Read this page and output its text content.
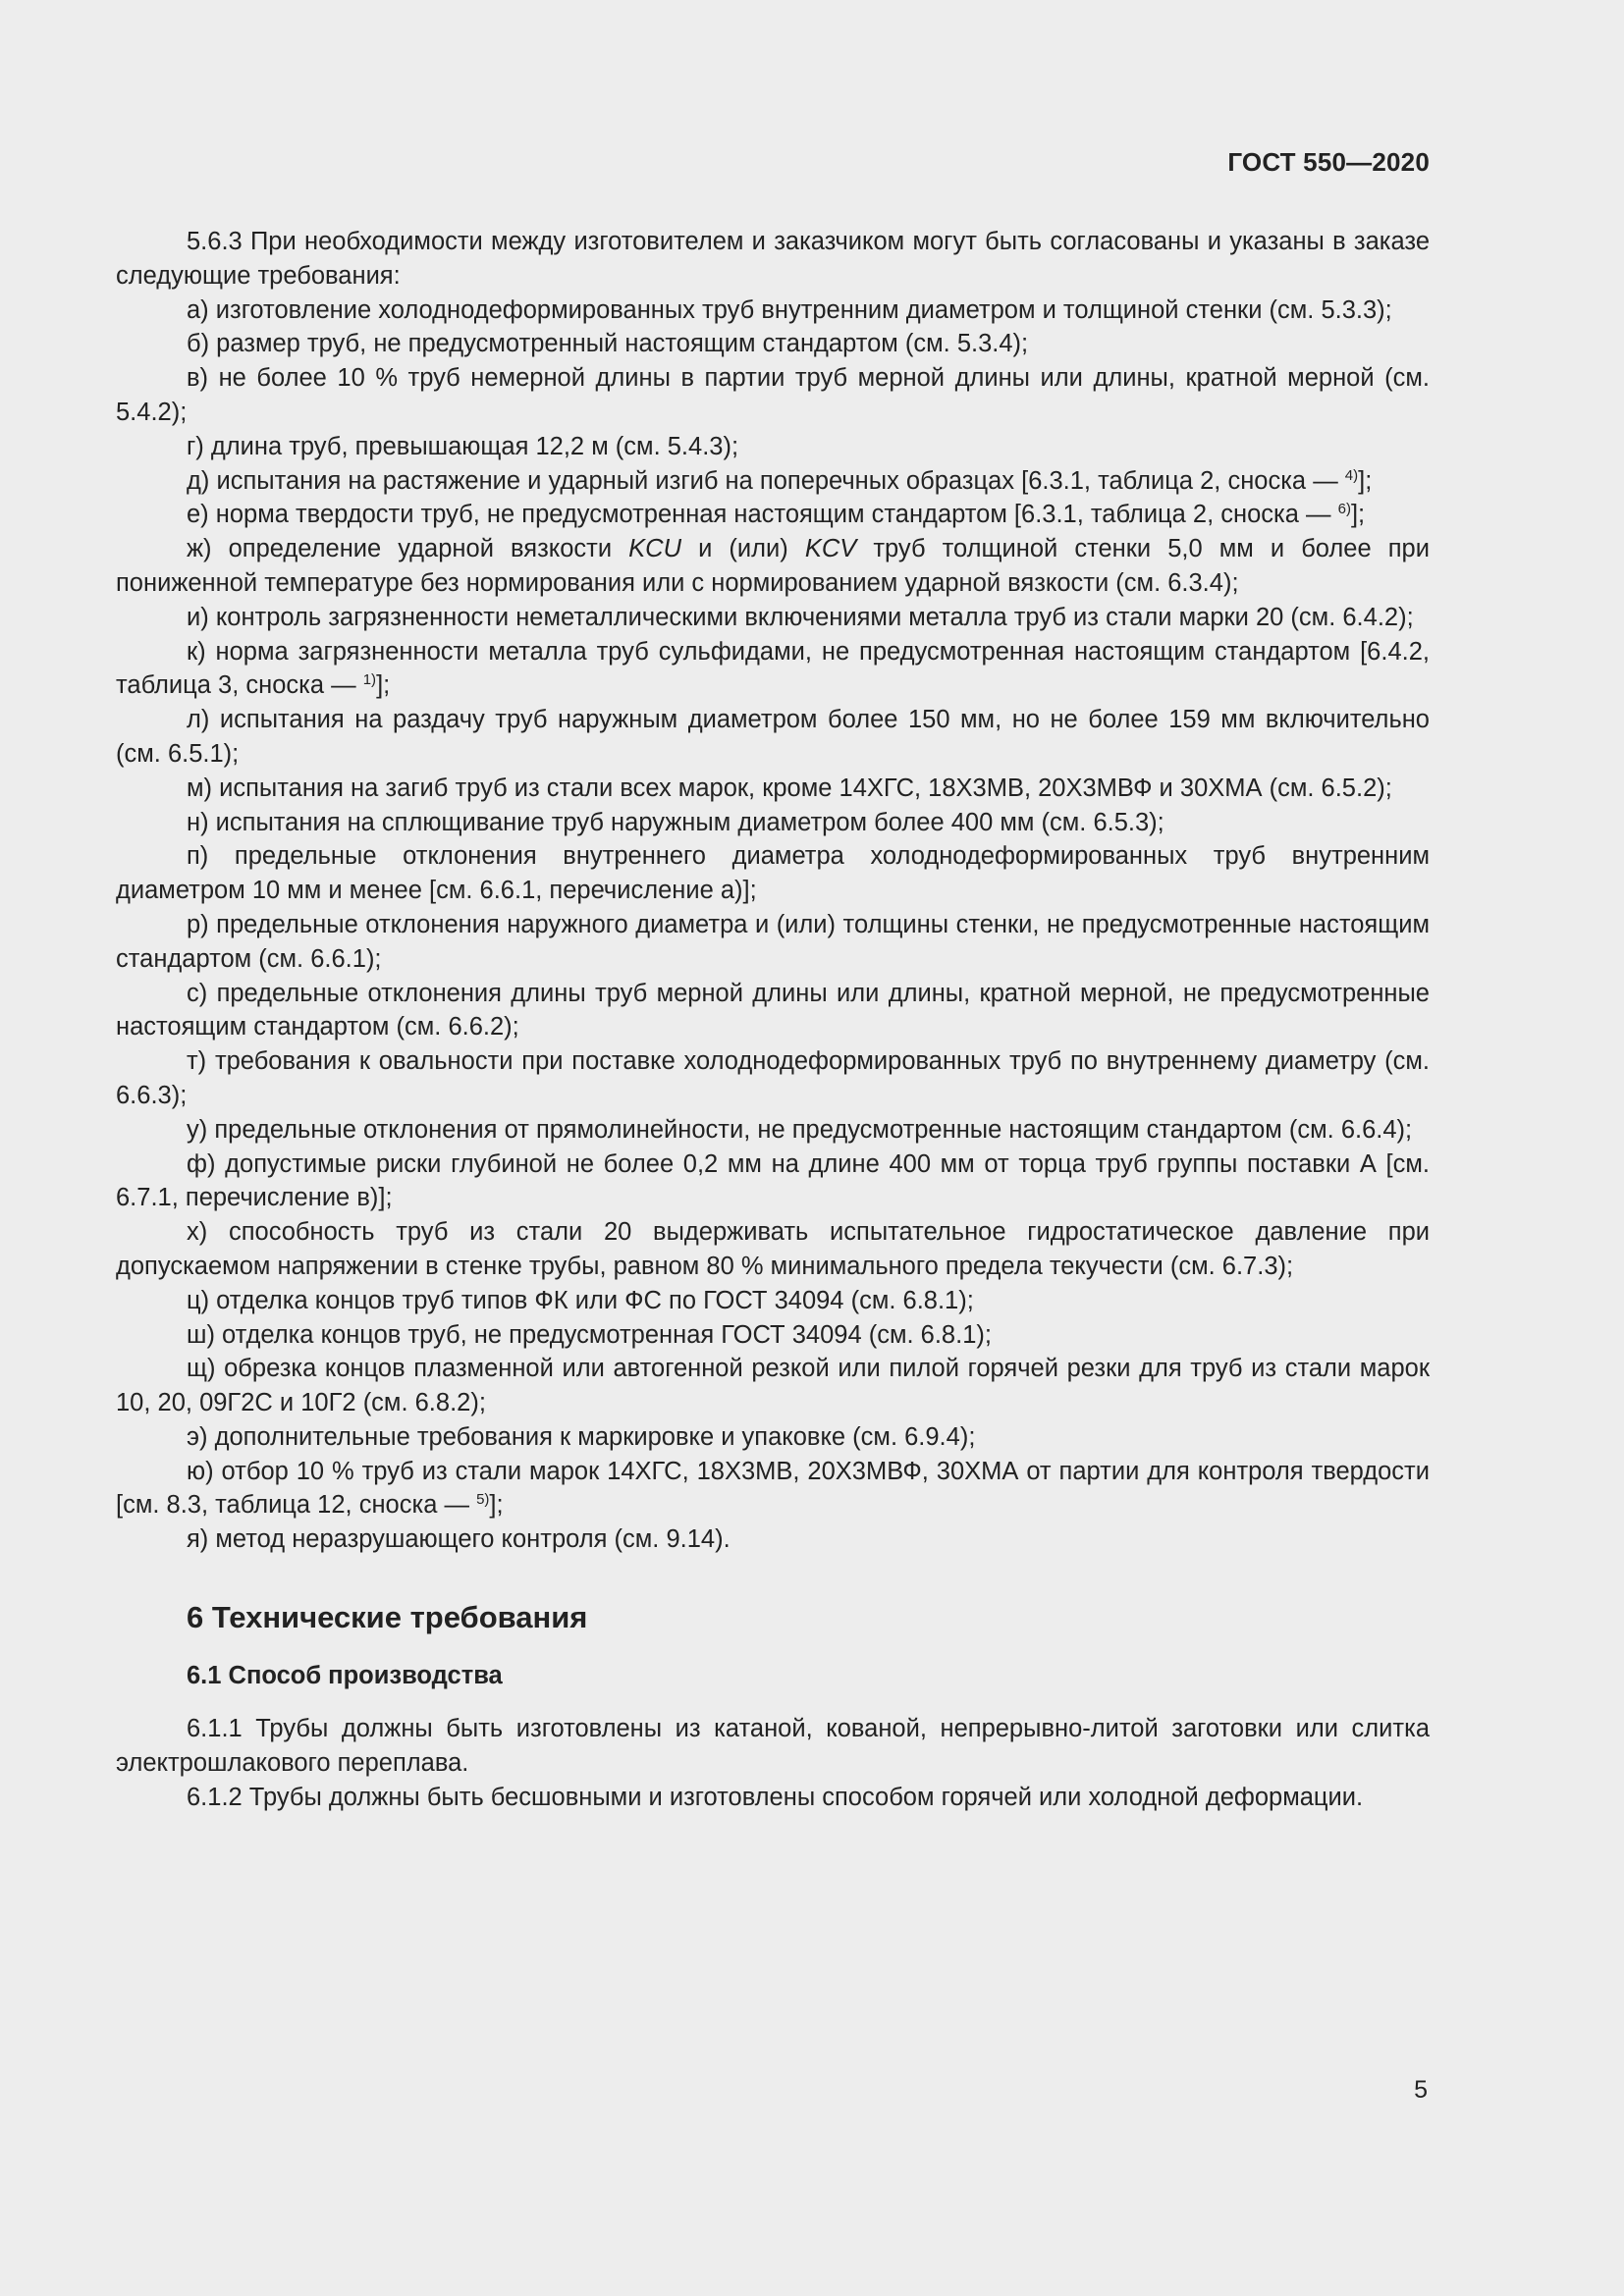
ГОСТ 550—2020

5.6.3 При необходимости между изготовителем и заказчиком могут быть согласованы и указаны в заказе следующие требования:

а) изготовление холоднодеформированных труб внутренним диаметром и толщиной стенки (см. 5.3.3);

б) размер труб, не предусмотренный настоящим стандартом (см. 5.3.4);

в) не более 10 % труб немерной длины в партии труб мерной длины или длины, кратной мерной (см. 5.4.2);

г) длина труб, превышающая 12,2 м (см. 5.4.3);

д) испытания на растяжение и ударный изгиб на поперечных образцах [6.3.1, таблица 2, сноска — $^{4)}$];

е) норма твердости труб, не предусмотренная настоящим стандартом [6.3.1, таблица 2, сноска — $^{6)}$];

ж) определение ударной вязкости KCU и (или) KCV труб толщиной стенки 5,0 мм и более при пониженной температуре без нормирования или с нормированием ударной вязкости (см. 6.3.4);

и) контроль загрязненности неметаллическими включениями металла труб из стали марки 20 (см. 6.4.2);

к) норма загрязненности металла труб сульфидами, не предусмотренная настоящим стандартом [6.4.2, таблица 3, сноска — $^{1)}$];

л) испытания на раздачу труб наружным диаметром более 150 мм, но не более 159 мм включительно (см. 6.5.1);

м) испытания на загиб труб из стали всех марок, кроме 14ХГС, 18Х3МВ, 20Х3МВФ и 30ХМА (см. 6.5.2);

н) испытания на сплющивание труб наружным диаметром более 400 мм (см. 6.5.3);

п) предельные отклонения внутреннего диаметра холоднодеформированных труб внутренним диаметром 10 мм и менее [см. 6.6.1, перечисление а)];

р) предельные отклонения наружного диаметра и (или) толщины стенки, не предусмотренные настоящим стандартом (см. 6.6.1);

с) предельные отклонения длины труб мерной длины или длины, кратной мерной, не предусмотренные настоящим стандартом (см. 6.6.2);

т) требования к овальности при поставке холоднодеформированных труб по внутреннему диаметру (см. 6.6.3);

у) предельные отклонения от прямолинейности, не предусмотренные настоящим стандартом (см. 6.6.4);

ф) допустимые риски глубиной не более 0,2 мм на длине 400 мм от торца труб группы поставки А [см. 6.7.1, перечисление в)];

х) способность труб из стали 20 выдерживать испытательное гидростатическое давление при допускаемом напряжении в стенке трубы, равном 80 % минимального предела текучести (см. 6.7.3);

ц) отделка концов труб типов ФК или ФС по ГОСТ 34094 (см. 6.8.1);

ш) отделка концов труб, не предусмотренная ГОСТ 34094 (см. 6.8.1);

щ) обрезка концов плазменной или автогенной резкой или пилой горячей резки для труб из стали марок 10, 20, 09Г2С и 10Г2 (см. 6.8.2);

э) дополнительные требования к маркировке и упаковке (см. 6.9.4);

ю) отбор 10 % труб из стали марок 14ХГС, 18Х3МВ, 20Х3МВФ, 30ХМА от партии для контроля твердости [см. 8.3, таблица 12, сноска — $^{5)}$];

я) метод неразрушающего контроля (см. 9.14).

6 Технические требования
6.1 Способ производства

6.1.1 Трубы должны быть изготовлены из катаной, кованой, непрерывно-литой заготовки или слитка электрошлакового переплава.

6.1.2 Трубы должны быть бесшовными и изготовлены способом горячей или холодной деформации.

5
